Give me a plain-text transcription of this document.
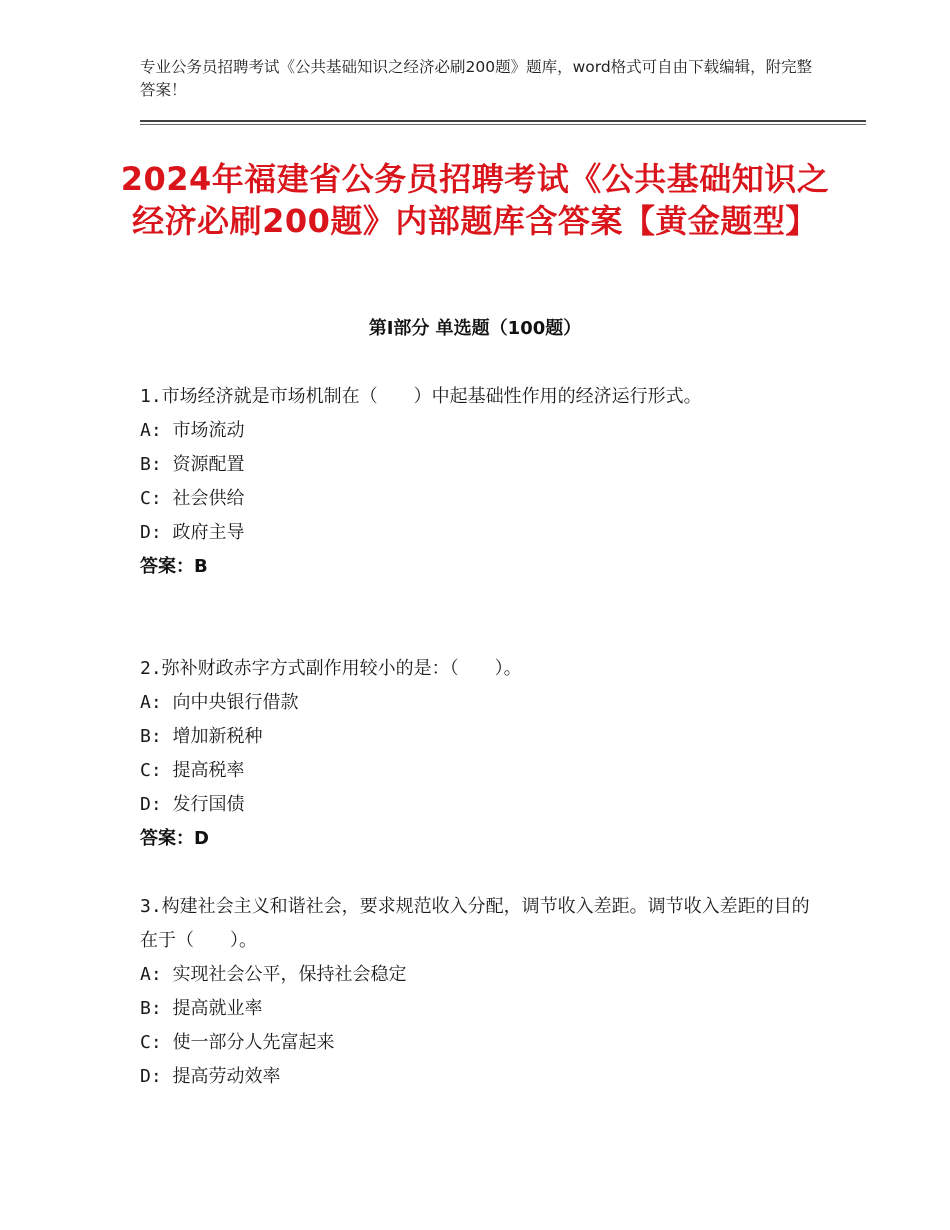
专业公务员招聘考试《公共基础知识之经济必刷200题》题库，word格式可自由下载编辑，附完整答案！
2024年福建省公务员招聘考试《公共基础知识之经济必刷200题》内部题库含答案【黄金题型】
第Ⅰ部分 单选题（100题）

1.市场经济就是市场机制在（　　）中起基础性作用的经济运行形式。

A: 市场流动

B: 资源配置

C: 社会供给

D: 政府主导

答案：B

2.弥补财政赤字方式副作用较小的是：（　　）。

A: 向中央银行借款

B: 增加新税种

C: 提高税率

D: 发行国债

答案：D

3.构建社会主义和谐社会，要求规范收入分配，调节收入差距。调节收入差距的目的在于（　　）。

A: 实现社会公平，保持社会稳定

B: 提高就业率

C: 使一部分人先富起来

D: 提高劳动效率
